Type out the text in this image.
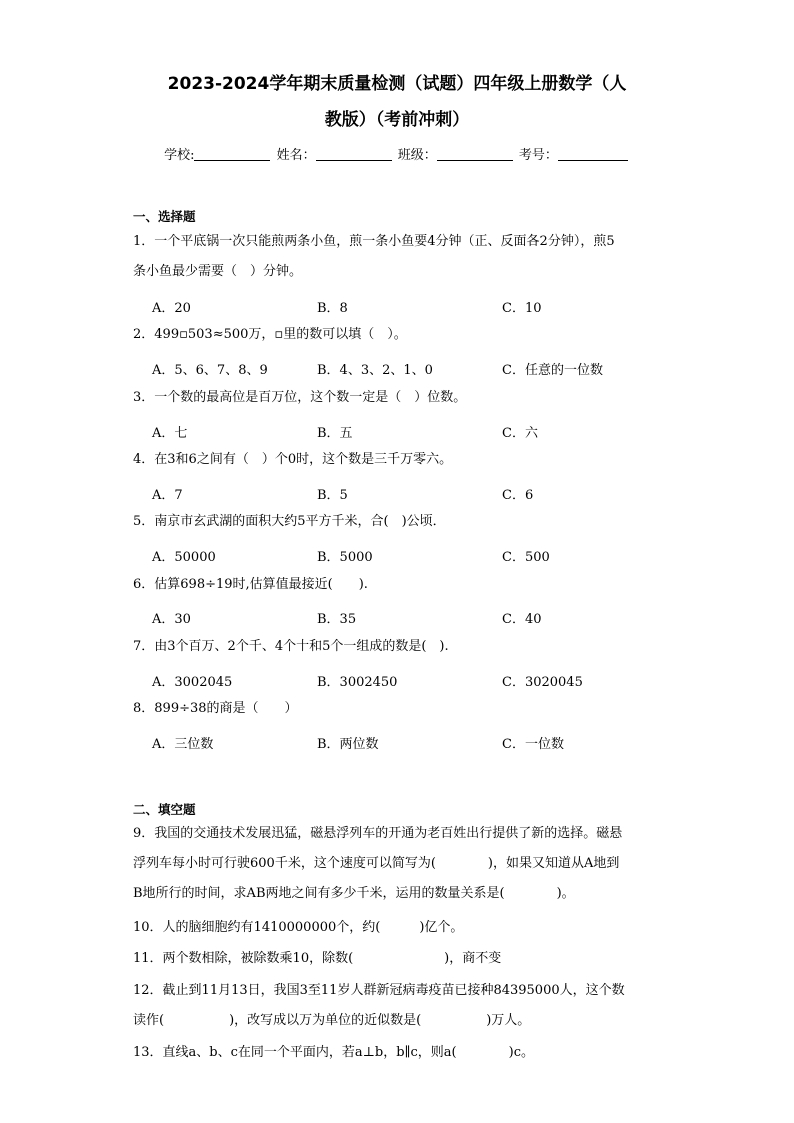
2023-2024学年期末质量检测（试题）四年级上册数学（人
教版）（考前冲刺）
学校:	姓名：	班级：	考号：
一、选择题
1．一个平底锅一次只能煎两条小鱼，煎一条小鱼要4分钟（正、反面各2分钟），煎5
条小鱼最少需要（　）分钟。
A．20	B．8	C．10
2．499▫503≈500万，▫里的数可以填（　）。
A．5、6、7、8、9	B．4、3、2、1、0	C．任意的一位数
3．一个数的最高位是百万位，这个数一定是（　）位数。
A．七	B．五	C．六
4．在3和6之间有（　）个0时，这个数是三千万零六。
A．7	B．5	C．6
5．南京市玄武湖的面积大约5平方千米，合(　)公顷．
A．50000	B．5000	C．500
6．估算698÷19时,估算值最接近(　　).
A．30	B．35	C．40
7．由3个百万、2个千、4个十和5个一组成的数是(　).
A．3002045	B．3002450	C．3020045
8．899÷38的商是（　　）
A．三位数	B．两位数	C．一位数
二、填空题
9．我国的交通技术发展迅猛，磁悬浮列车的开通为老百姓出行提供了新的选择。磁悬
浮列车每小时可行驶600千米，这个速度可以简写为(　　　　)，如果又知道从A地到
B地所行的时间，求AB两地之间有多少千米，运用的数量关系是(　　　　)。
10．人的脑细胞约有1410000000个，约(　　　)亿个。
11．两个数相除，被除数乘10，除数(　　　　　　　)，商不变
12．截止到11月13日，我国3至11岁人群新冠病毒疫苗已接种84395000人，这个数
读作(　　　　　)，改写成以万为单位的近似数是(　　　　　)万人。
13．直线a、b、c在同一个平面内，若a⊥b，b∥c，则a(　　　　)c。
